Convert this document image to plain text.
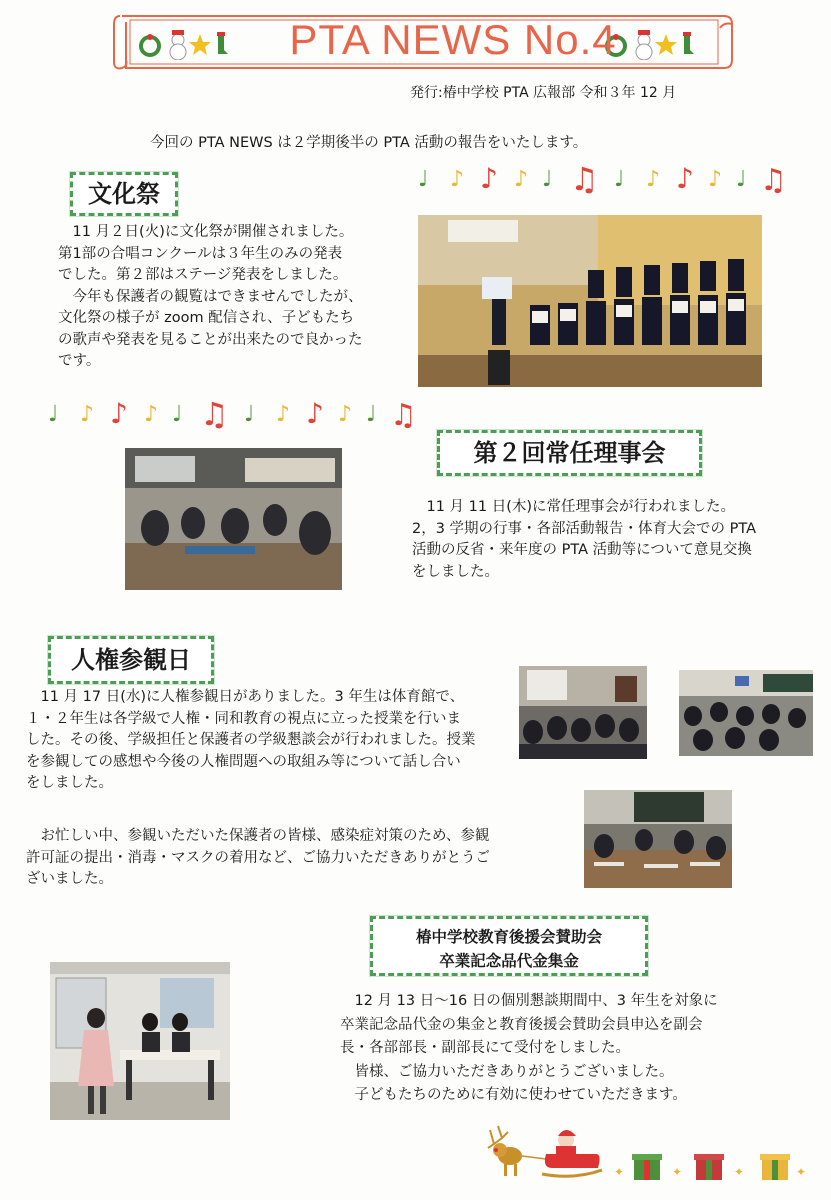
PTA NEWS No.4
発行:椿中学校 PTA 広報部 令和３年 12 月
今回の PTA NEWS は２学期後半の PTA 活動の報告をいたします。
文化祭
　11 月２日(火)に文化祭が開催されました。
第1部の合唱コンクールは３年生のみの発表
でした。第２部はステージ発表をしました。
　今年も保護者の観覧はできませんでしたが、
文化祭の様子が zoom 配信され、子どもたち
の歌声や発表を見ることが出来たので良かった
です。
♩ ♪ ♪ ♪ ♩ ♫ ♩ ♪ ♪ ♪ ♩ ♫
♩ ♪ ♪ ♪ ♩ ♫ ♩ ♪ ♪ ♪ ♩ ♫
第２回常任理事会
　11 月 11 日(木)に常任理事会が行われました。
2，3 学期の行事・各部活動報告・体育大会での PTA
活動の反省・来年度の PTA 活動等について意見交換
をしました。
人権参観日
　11 月 17 日(水)に人権参観日がありました。3 年生は体育館で、
１・２年生は各学級で人権・同和教育の視点に立った授業を行いま
した。その後、学級担任と保護者の学級懇談会が行われました。授業
を参観しての感想や今後の人権問題への取組み等について話し合い
をしました。
　お忙しい中、参観いただいた保護者の皆様、感染症対策のため、参観
許可証の提出・消毒・マスクの着用など、ご協力いただきありがとうご
ざいました。
椿中学校教育後援会賛助会
卒業記念品代金集金
　12 月 13 日～16 日の個別懇談期間中、3 年生を対象に
卒業記念品代金の集金と教育後援会賛助会員申込を副会
長・各部部長・副部長にて受付をしました。
　皆様、ご協力いただきありがとうございました。
　子どもたちのために有効に使わせていただきます。
✦	✦	✦	✦
